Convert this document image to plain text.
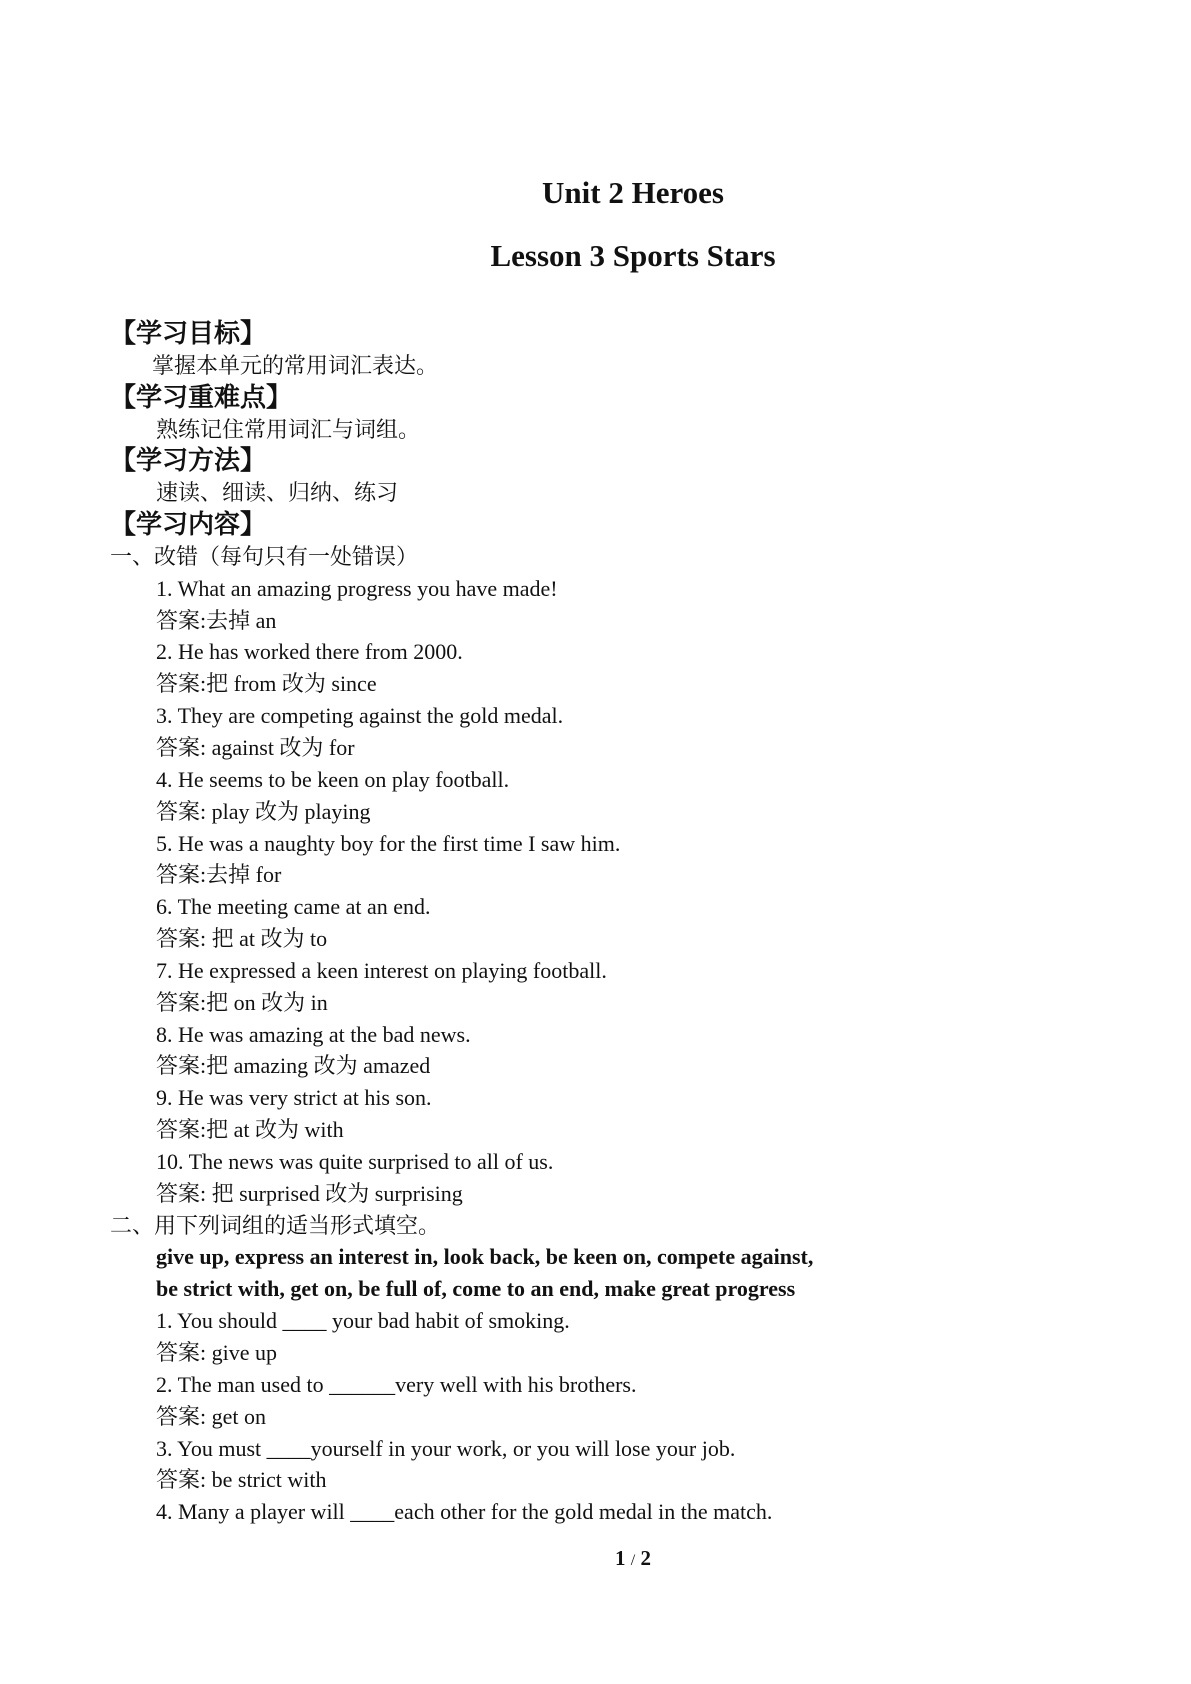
Unit 2 Heroes
Lesson 3 Sports Stars
【学习目标】
掌握本单元的常用词汇表达。
【学习重难点】
熟练记住常用词汇与词组。
【学习方法】
速读、细读、归纳、练习
【学习内容】
一、改错（每句只有一处错误）
1. What an amazing progress you have made!
答案:去掉 an
2. He has worked there from 2000.
答案:把 from 改为 since
3. They are competing against the gold medal.
答案: against 改为 for
4. He seems to be keen on play football.
答案: play 改为 playing
5. He was a naughty boy for the first time I saw him.
答案:去掉 for
6. The meeting came at an end.
答案: 把 at 改为 to
7. He expressed a keen interest on playing football.
答案:把 on 改为 in
8. He was amazing at the bad news.
答案:把 amazing 改为 amazed
9. He was very strict at his son.
答案:把 at 改为 with
10. The news was quite surprised to all of us.
答案: 把 surprised 改为 surprising
二、用下列词组的适当形式填空。
give up, express an interest in, look back, be keen on, compete against,
be strict with, get on, be full of, come to an end, make great progress
1. You should ____ your bad habit of smoking.
答案: give up
2. The man used to ______very well with his brothers.
答案: get on
3. You must ____yourself in your work, or you will lose your job.
答案: be strict with
4. Many a player will ____each other for the gold medal in the match.
1 / 2
